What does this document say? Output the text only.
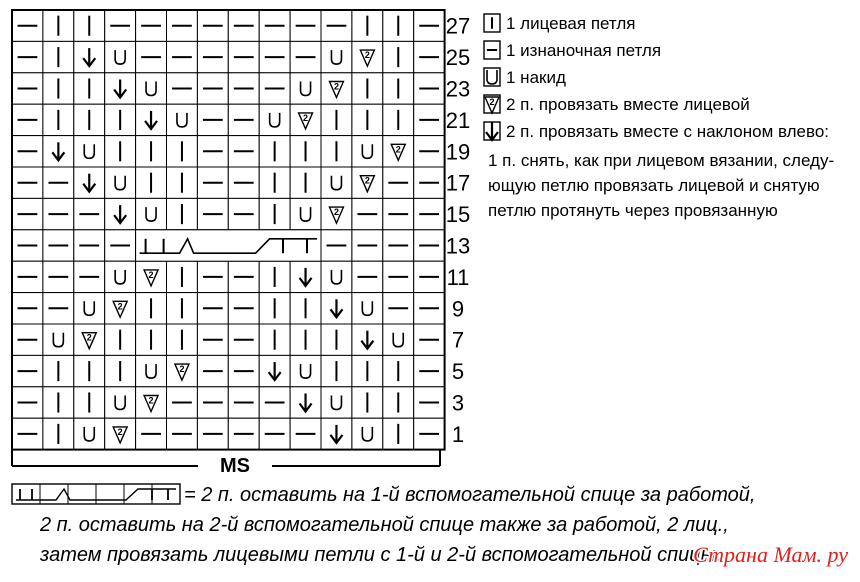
2
2
2
2
2
2
2
2
2
2
2
2
27
25
23
21
19
17
15
13
11
9
7
5
3
1
MS
1 лицевая петля
1 изнаночная петля
1 накид
2 2 п. провязать вместе лицевой
2 п. провязать вместе с наклоном влево:
1 п. снять, как при лицевом вязании, следу-
ющую петлю провязать лицевой и снятую
петлю протянуть через провязанную
= 2 п. оставить на 1-й вспомогательной спице за работой,
2 п. оставить на 2-й вспомогательной спице также за работой, 2 лиц.,
затем провязать лицевыми петли с 1-й и 2-й вспомогательной спицы.
Страна Мам. ру
